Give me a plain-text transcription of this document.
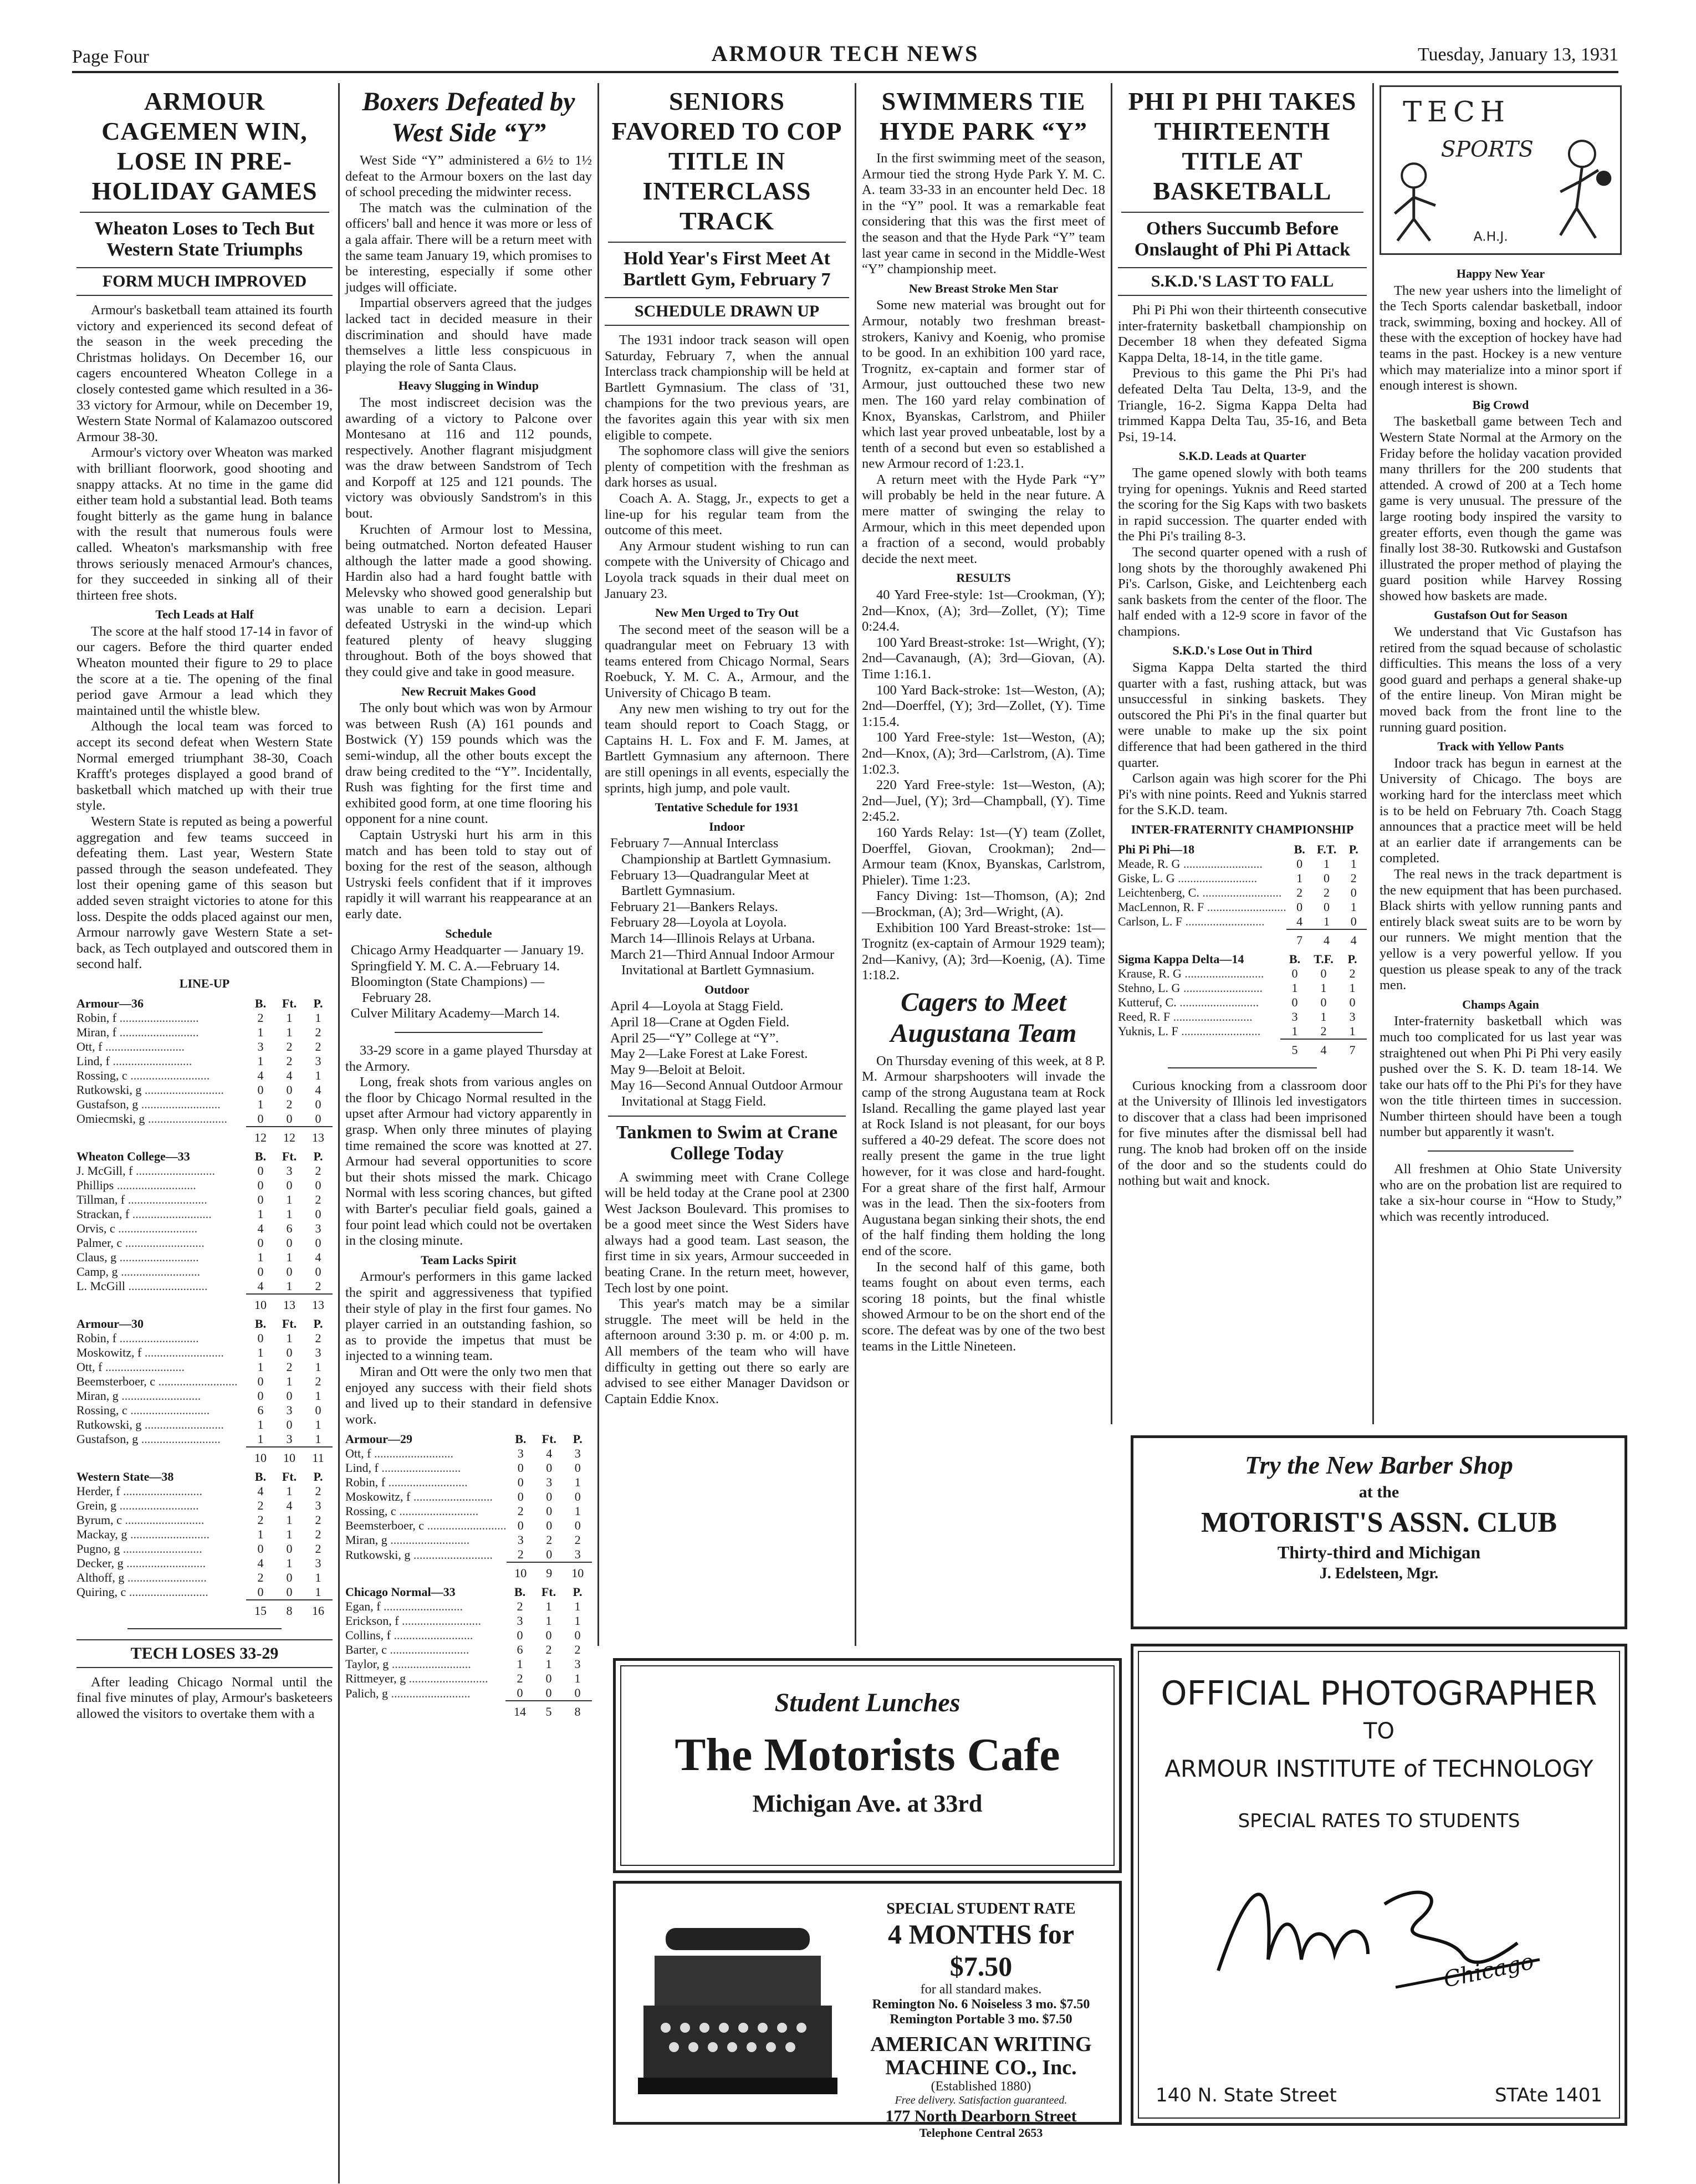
Page Four	ARMOUR TECH NEWS	Tuesday, January 13, 1931
ARMOUR CAGEMEN WIN, LOSE IN PRE-HOLIDAY GAMES
Wheaton Loses to Tech But Western State Triumphs
FORM MUCH IMPROVED
Armour's basketball team attained its fourth victory and experienced its second defeat of the season in the week preceding the Christmas holidays. On December 16, our cagers encountered Wheaton College in a closely contested game which resulted in a 36-33 victory for Armour, while on December 19, Western State Normal of Kalamazoo outscored Armour 38-30.
Armour's victory over Wheaton was marked with brilliant floorwork, good shooting and snappy attacks. At no time in the game did either team hold a substantial lead. Both teams fought bitterly as the game hung in balance with the result that numerous fouls were called. Wheaton's marksmanship with free throws seriously menaced Armour's chances, for they succeeded in sinking all of their thirteen free shots.
Tech Leads at Half
The score at the half stood 17-14 in favor of our cagers. Before the third quarter ended Wheaton mounted their figure to 29 to place the score at a tie. The opening of the final period gave Armour a lead which they maintained until the whistle blew.
Although the local team was forced to accept its second defeat when Western State Normal emerged triumphant 38-30, Coach Krafft's proteges displayed a good brand of basketball which matched up with their true style.
Western State is reputed as being a powerful aggregation and few teams succeed in defeating them. Last year, Western State passed through the season undefeated. They lost their opening game of this season but added seven straight victories to atone for this loss. Despite the odds placed against our men, Armour narrowly gave Western State a set-back, as Tech outplayed and outscored them in second half.
LINE-UP
Armour—36	B.	Ft.	P.
Robin, f ..........................	2	1	1
Miran, f ..........................	1	1	2
Ott, f ..........................	3	2	2
Lind, f ..........................	1	2	3
Rossing, c ..........................	4	4	1
Rutkowski, g ..........................	0	0	4
Gustafson, g ..........................	1	2	0
Omiecmski, g ..........................	0	0	0
	12	12	13
Wheaton College—33	B.	Ft.	P.
J. McGill, f ..........................	0	3	2
Phillips ..........................	0	0	0
Tillman, f ..........................	0	1	2
Strackan, f ..........................	1	1	0
Orvis, c ..........................	4	6	3
Palmer, c ..........................	0	0	0
Claus, g ..........................	1	1	4
Camp, g ..........................	0	0	0
L. McGill ..........................	4	1	2
	10	13	13
Armour—30	B.	Ft.	P.
Robin, f ..........................	0	1	2
Moskowitz, f ..........................	1	0	3
Ott, f ..........................	1	2	1
Beemsterboer, c ..........................	0	1	2
Miran, g ..........................	0	0	1
Rossing, c ..........................	6	3	0
Rutkowski, g ..........................	1	0	1
Gustafson, g ..........................	1	3	1
	10	10	11
Western State—38	B.	Ft.	P.
Herder, f ..........................	4	1	2
Grein, g ..........................	2	4	3
Byrum, c ..........................	2	1	2
Mackay, g ..........................	1	1	2
Pugno, g ..........................	0	0	2
Decker, g ..........................	4	1	3
Althoff, g ..........................	2	0	1
Quiring, c ..........................	0	0	1
	15	8	16
TECH LOSES 33-29
After leading Chicago Normal until the final five minutes of play, Armour's basketeers allowed the visitors to overtake them with a
Boxers Defeated by West Side “Y”
West Side “Y” administered a 6½ to 1½ defeat to the Armour boxers on the last day of school preceding the midwinter recess.
The match was the culmination of the officers' ball and hence it was more or less of a gala affair. There will be a return meet with the same team January 19, which promises to be interesting, especially if some other judges will officiate.
Impartial observers agreed that the judges lacked tact in decided measure in their discrimination and should have made themselves a little less conspicuous in playing the role of Santa Claus.
Heavy Slugging in Windup
The most indiscreet decision was the awarding of a victory to Palcone over Montesano at 116 and 112 pounds, respectively. Another flagrant misjudgment was the draw between Sandstrom of Tech and Korpoff at 125 and 121 pounds. The victory was obviously Sandstrom's in this bout.
Kruchten of Armour lost to Messina, being outmatched. Norton defeated Hauser although the latter made a good showing. Hardin also had a hard fought battle with Melevsky who showed good generalship but was unable to earn a decision. Lepari defeated Ustryski in the wind-up which featured plenty of heavy slugging throughout. Both of the boys showed that they could give and take in good measure.
New Recruit Makes Good
The only bout which was won by Armour was between Rush (A) 161 pounds and Bostwick (Y) 159 pounds which was the semi-windup, all the other bouts except the draw being credited to the “Y”. Incidentally, Rush was fighting for the first time and exhibited good form, at one time flooring his opponent for a nine count.
Captain Ustryski hurt his arm in this match and has been told to stay out of boxing for the rest of the season, although Ustryski feels confident that if it improves rapidly it will warrant his reappearance at an early date.
Schedule
Chicago Army Headquarter — January 19.
Springfield Y. M. C. A.—February 14.
Bloomington (State Champions) —February 28.
Culver Military Academy—March 14.
33-29 score in a game played Thursday at the Armory.
Long, freak shots from various angles on the floor by Chicago Normal resulted in the upset after Armour had victory apparently in grasp. When only three minutes of playing time remained the score was knotted at 27. Armour had several opportunities to score but their shots missed the mark. Chicago Normal with less scoring chances, but gifted with Barter's peculiar field goals, gained a four point lead which could not be overtaken in the closing minute.
Team Lacks Spirit
Armour's performers in this game lacked the spirit and aggressiveness that typified their style of play in the first four games. No player carried in an outstanding fashion, so as to provide the impetus that must be injected to a winning team.
Miran and Ott were the only two men that enjoyed any success with their field shots and lived up to their standard in defensive work.
Armour—29	B.	Ft.	P.
Ott, f ..........................	3	4	3
Lind, f ..........................	0	0	0
Robin, f ..........................	0	3	1
Moskowitz, f ..........................	0	0	0
Rossing, c ..........................	2	0	1
Beemsterboer, c ..........................	0	0	0
Miran, g ..........................	3	2	2
Rutkowski, g ..........................	2	0	3
	10	9	10
Chicago Normal—33	B.	Ft.	P.
Egan, f ..........................	2	1	1
Erickson, f ..........................	3	1	1
Collins, f ..........................	0	0	0
Barter, c ..........................	6	2	2
Taylor, g ..........................	1	1	3
Rittmeyer, g ..........................	2	0	1
Palich, g ..........................	0	0	0
	14	5	8
SENIORS FAVORED TO COP TITLE IN INTERCLASS TRACK
Hold Year's First Meet At Bartlett Gym, February 7
SCHEDULE DRAWN UP
The 1931 indoor track season will open Saturday, February 7, when the annual Interclass track championship will be held at Bartlett Gymnasium. The class of '31, champions for the two previous years, are the favorites again this year with six men eligible to compete.
The sophomore class will give the seniors plenty of competition with the freshman as dark horses as usual.
Coach A. A. Stagg, Jr., expects to get a line-up for his regular team from the outcome of this meet.
Any Armour student wishing to run can compete with the University of Chicago and Loyola track squads in their dual meet on January 23.
New Men Urged to Try Out
The second meet of the season will be a quadrangular meet on February 13 with teams entered from Chicago Normal, Sears Roebuck, Y. M. C. A., Armour, and the University of Chicago B team.
Any new men wishing to try out for the team should report to Coach Stagg, or Captains H. L. Fox and F. M. James, at Bartlett Gymnasium any afternoon. There are still openings in all events, especially the sprints, high jump, and pole vault.
Tentative Schedule for 1931
Indoor
February 7—Annual Interclass Championship at Bartlett Gymnasium.
February 13—Quadrangular Meet at Bartlett Gymnasium.
February 21—Bankers Relays.
February 28—Loyola at Loyola.
March 14—Illinois Relays at Urbana.
March 21—Third Annual Indoor Armour Invitational at Bartlett Gymnasium.
Outdoor
April 4—Loyola at Stagg Field.
April 18—Crane at Ogden Field.
April 25—“Y” College at “Y”.
May 2—Lake Forest at Lake Forest.
May 9—Beloit at Beloit.
May 16—Second Annual Outdoor Armour Invitational at Stagg Field.
Tankmen to Swim at Crane College Today
A swimming meet with Crane College will be held today at the Crane pool at 2300 West Jackson Boulevard. This promises to be a good meet since the West Siders have always had a good team. Last season, the first time in six years, Armour succeeded in beating Crane. In the return meet, however, Tech lost by one point.
This year's match may be a similar struggle. The meet will be held in the afternoon around 3:30 p. m. or 4:00 p. m. All members of the team who will have difficulty in getting out there so early are advised to see either Manager Davidson or Captain Eddie Knox.
SWIMMERS TIE HYDE PARK “Y”
In the first swimming meet of the season, Armour tied the strong Hyde Park Y. M. C. A. team 33-33 in an encounter held Dec. 18 in the “Y” pool. It was a remarkable feat considering that this was the first meet of the season and that the Hyde Park “Y” team last year came in second in the Middle-West “Y” championship meet.
New Breast Stroke Men Star
Some new material was brought out for Armour, notably two freshman breast-strokers, Kanivy and Koenig, who promise to be good. In an exhibition 100 yard race, Trognitz, ex-captain and former star of Armour, just outtouched these two new men. The 160 yard relay combination of Knox, Byanskas, Carlstrom, and Phiiler which last year proved unbeatable, lost by a tenth of a second but even so established a new Armour record of 1:23.1.
A return meet with the Hyde Park “Y” will probably be held in the near future. A mere matter of swinging the relay to Armour, which in this meet depended upon a fraction of a second, would probably decide the next meet.
RESULTS
40 Yard Free-style: 1st—Crookman, (Y); 2nd—Knox, (A); 3rd—Zollet, (Y); Time 0:24.4.
100 Yard Breast-stroke: 1st—Wright, (Y); 2nd—Cavanaugh, (A); 3rd—Giovan, (A). Time 1:16.1.
100 Yard Back-stroke: 1st—Weston, (A); 2nd—Doerffel, (Y); 3rd—Zollet, (Y). Time 1:15.4.
100 Yard Free-style: 1st—Weston, (A); 2nd—Knox, (A); 3rd—Carlstrom, (A). Time 1:02.3.
220 Yard Free-style: 1st—Weston, (A); 2nd—Juel, (Y); 3rd—Champball, (Y). Time 2:45.2.
160 Yards Relay: 1st—(Y) team (Zollet, Doerffel, Giovan, Crookman); 2nd—Armour team (Knox, Byanskas, Carlstrom, Phieler). Time 1:23.
Fancy Diving: 1st—Thomson, (A); 2nd—Brockman, (A); 3rd—Wright, (A).
Exhibition 100 Yard Breast-stroke: 1st—Trognitz (ex-captain of Armour 1929 team); 2nd—Kanivy, (A); 3rd—Koenig, (A). Time 1:18.2.
Cagers to Meet Augustana Team
On Thursday evening of this week, at 8 P. M. Armour sharpshooters will invade the camp of the strong Augustana team at Rock Island. Recalling the game played last year at Rock Island is not pleasant, for our boys suffered a 40-29 defeat. The score does not really present the game in the true light however, for it was close and hard-fought. For a great share of the first half, Armour was in the lead. Then the six-footers from Augustana began sinking their shots, the end of the half finding them holding the long end of the score.
In the second half of this game, both teams fought on about even terms, each scoring 18 points, but the final whistle showed Armour to be on the short end of the score. The defeat was by one of the two best teams in the Little Nineteen.
PHI PI PHI TAKES THIRTEENTH TITLE AT BASKETBALL
Others Succumb Before Onslaught of Phi Pi Attack
S.K.D.'S LAST TO FALL
Phi Pi Phi won their thirteenth consecutive inter-fraternity basketball championship on December 18 when they defeated Sigma Kappa Delta, 18-14, in the title game.
Previous to this game the Phi Pi's had defeated Delta Tau Delta, 13-9, and the Triangle, 16-2. Sigma Kappa Delta had trimmed Kappa Delta Tau, 35-16, and Beta Psi, 19-14.
S.K.D. Leads at Quarter
The game opened slowly with both teams trying for openings. Yuknis and Reed started the scoring for the Sig Kaps with two baskets in rapid succession. The quarter ended with the Phi Pi's trailing 8-3.
The second quarter opened with a rush of long shots by the thoroughly awakened Phi Pi's. Carlson, Giske, and Leichtenberg each sank baskets from the center of the floor. The half ended with a 12-9 score in favor of the champions.
S.K.D.'s Lose Out in Third
Sigma Kappa Delta started the third quarter with a fast, rushing attack, but was unsuccessful in sinking baskets. They outscored the Phi Pi's in the final quarter but were unable to make up the six point difference that had been gathered in the third quarter.
Carlson again was high scorer for the Phi Pi's with nine points. Reed and Yuknis starred for the S.K.D. team.
INTER-FRATERNITY CHAMPIONSHIP
Phi Pi Phi—18	B.	F.T.	P.
Meade, R. G ..........................	0	1	1
Giske, L. G ..........................	1	0	2
Leichtenberg, C. ..........................	2	2	0
MacLennon, R. F ..........................	0	0	1
Carlson, L. F ..........................	4	1	0
	7	4	4
Sigma Kappa Delta—14	B.	T.F.	P.
Krause, R. G ..........................	0	0	2
Stehno, L. G ..........................	1	1	1
Kutteruf, C. ..........................	0	0	0
Reed, R. F ..........................	3	1	3
Yuknis, L. F ..........................	1	2	1
	5	4	7
Curious knocking from a classroom door at the University of Illinois led investigators to discover that a class had been imprisoned for five minutes after the dismissal bell had rung. The knob had broken off on the inside of the door and so the students could do nothing but wait and knock.
TECH
SPORTS
A.H.J.
Happy New Year
The new year ushers into the limelight of the Tech Sports calendar basketball, indoor track, swimming, boxing and hockey. All of these with the exception of hockey have had teams in the past. Hockey is a new venture which may materialize into a minor sport if enough interest is shown.
Big Crowd
The basketball game between Tech and Western State Normal at the Armory on the Friday before the holiday vacation provided many thrillers for the 200 students that attended. A crowd of 200 at a Tech home game is very unusual. The pressure of the large rooting body inspired the varsity to greater efforts, even though the game was finally lost 38-30. Rutkowski and Gustafson illustrated the proper method of playing the guard position while Harvey Rossing showed how baskets are made.
Gustafson Out for Season
We understand that Vic Gustafson has retired from the squad because of scholastic difficulties. This means the loss of a very good guard and perhaps a general shake-up of the entire lineup. Von Miran might be moved back from the front line to the running guard position.
Track with Yellow Pants
Indoor track has begun in earnest at the University of Chicago. The boys are working hard for the interclass meet which is to be held on February 7th. Coach Stagg announces that a practice meet will be held at an earlier date if arrangements can be completed.
The real news in the track department is the new equipment that has been purchased. Black shirts with yellow running pants and entirely black sweat suits are to be worn by our runners. We might mention that the yellow is a very powerful yellow. If you question us please speak to any of the track men.
Champs Again
Inter-fraternity basketball which was much too complicated for us last year was straightened out when Phi Pi Phi very easily pushed over the S. K. D. team 18-14. We take our hats off to the Phi Pi's for they have won the title thirteen times in succession. Number thirteen should have been a tough number but apparently it wasn't.
All freshmen at Ohio State University who are on the probation list are required to take a six-hour course in “How to Study,” which was recently introduced.
Try the New Barber Shop
at the
MOTORIST'S ASSN. CLUB
Thirty-third and Michigan
J. Edelsteen, Mgr.
OFFICIAL PHOTOGRAPHER
TO
ARMOUR INSTITUTE of TECHNOLOGY
SPECIAL RATES TO STUDENTS
Chicago
140 N. State Street	STAte 1401
Student Lunches
The Motorists Cafe
Michigan Ave. at 33rd
SPECIAL STUDENT RATE
4 MONTHS for $7.50
for all standard makes.
Remington No. 6 Noiseless 3 mo. $7.50
Remington Portable 3 mo. $7.50
AMERICAN WRITING MACHINE CO., Inc.
(Established 1880)
Free delivery. Satisfaction guaranteed.
177 North Dearborn Street
Telephone Central 2653
